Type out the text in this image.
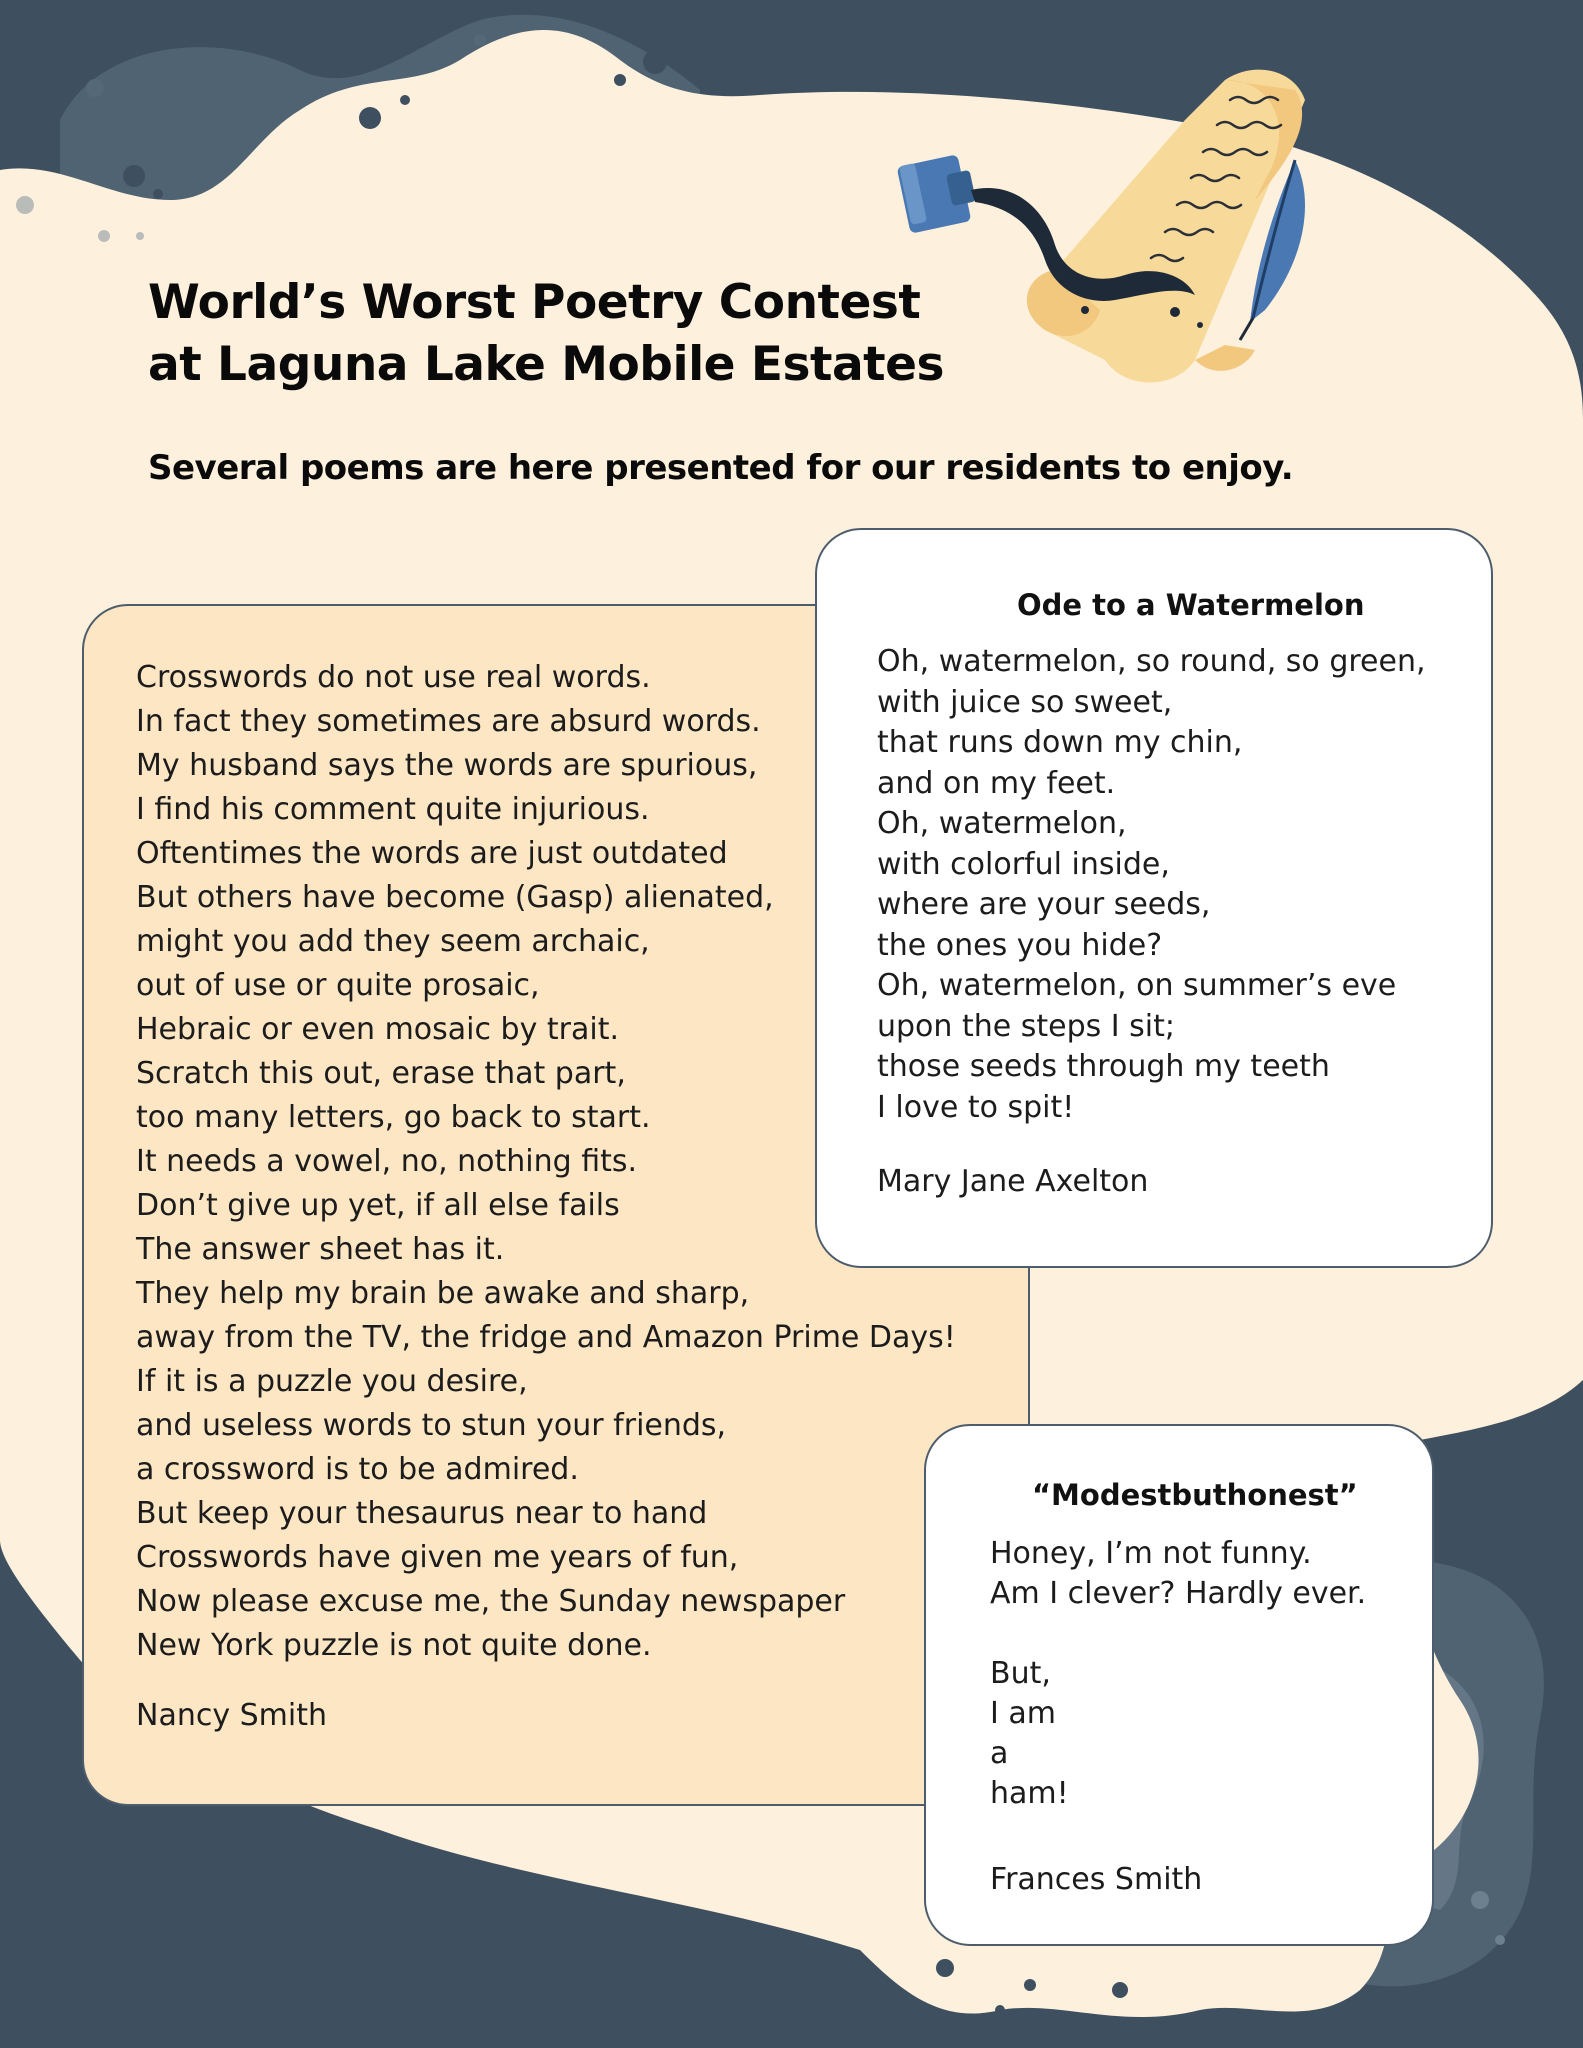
World’s Worst Poetry Contest
at Laguna Lake Mobile Estates

Several poems are here presented for our residents to enjoy.

Crosswords do not use real words.
In fact they sometimes are absurd words.
My husband says the words are spurious,
I find his comment quite injurious.
Oftentimes the words are just outdated
But others have become (Gasp) alienated,
might you add they seem archaic,
out of use or quite prosaic,
Hebraic or even mosaic by trait.
Scratch this out, erase that part,
too many letters, go back to start.
It needs a vowel, no, nothing fits.
Don’t give up yet, if all else fails
The answer sheet has it.
They help my brain be awake and sharp,
away from the TV, the fridge and Amazon Prime Days!
If it is a puzzle you desire,
and useless words to stun your friends,
a crossword is to be admired.
But keep your thesaurus near to hand
Crosswords have given me years of fun,
Now please excuse me, the Sunday newspaper
New York puzzle is not quite done.

Nancy Smith

Ode to a Watermelon
Oh, watermelon, so round, so green,
with juice so sweet,
that runs down my chin,
and on my feet.
Oh, watermelon,
with colorful inside,
where are your seeds,
the ones you hide?
Oh, watermelon, on summer’s eve
upon the steps I sit;
those seeds through my teeth
I love to spit!

Mary Jane Axelton

“Modestbuthonest”
Honey, I’m not funny.
Am I clever? Hardly ever.
But,
I am
a
ham!

Frances Smith
